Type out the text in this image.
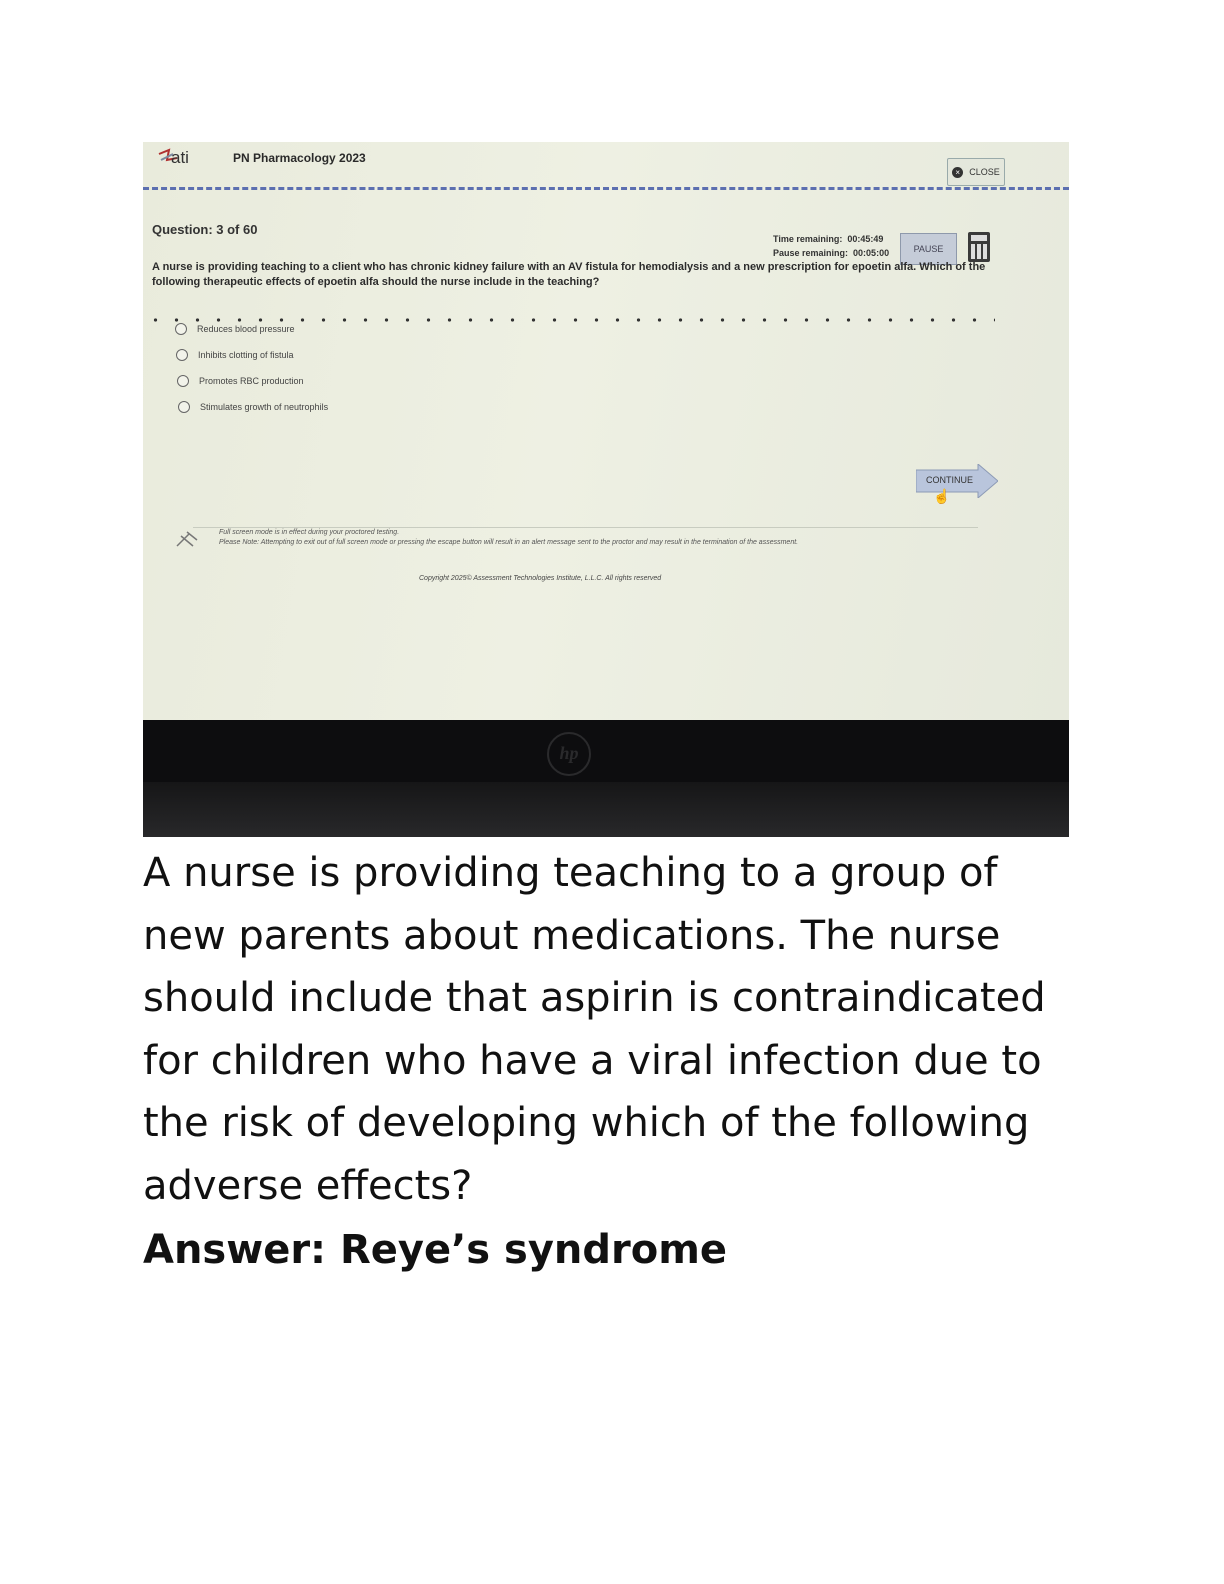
ati	PN Pharmacology 2023
×	CLOSE
Question: 3 of 60
Time remaining: 00:45:49
Pause remaining: 00:05:00	PAUSE
A nurse is providing teaching to a client who has chronic kidney failure with an AV fistula for hemodialysis and a new prescription for epoetin alfa. Which of the following therapeutic effects of epoetin alfa should the nurse include in the teaching?
Reduces blood pressure
Inhibits clotting of fistula
Promotes RBC production
Stimulates growth of neutrophils
CONTINUE
☝
Full screen mode is in effect during your proctored testing.
Please Note: Attempting to exit out of full screen mode or pressing the escape button will result in an alert message sent to the proctor and may result in the termination of the assessment.
Copyright 2025© Assessment Technologies Institute, L.L.C. All rights reserved
hp
A nurse is providing teaching to a group of new parents about medications. The nurse should include that aspirin is contraindicated for children who have a viral infection due to the risk of developing which of the following adverse effects?
Answer: Reye’s syndrome
